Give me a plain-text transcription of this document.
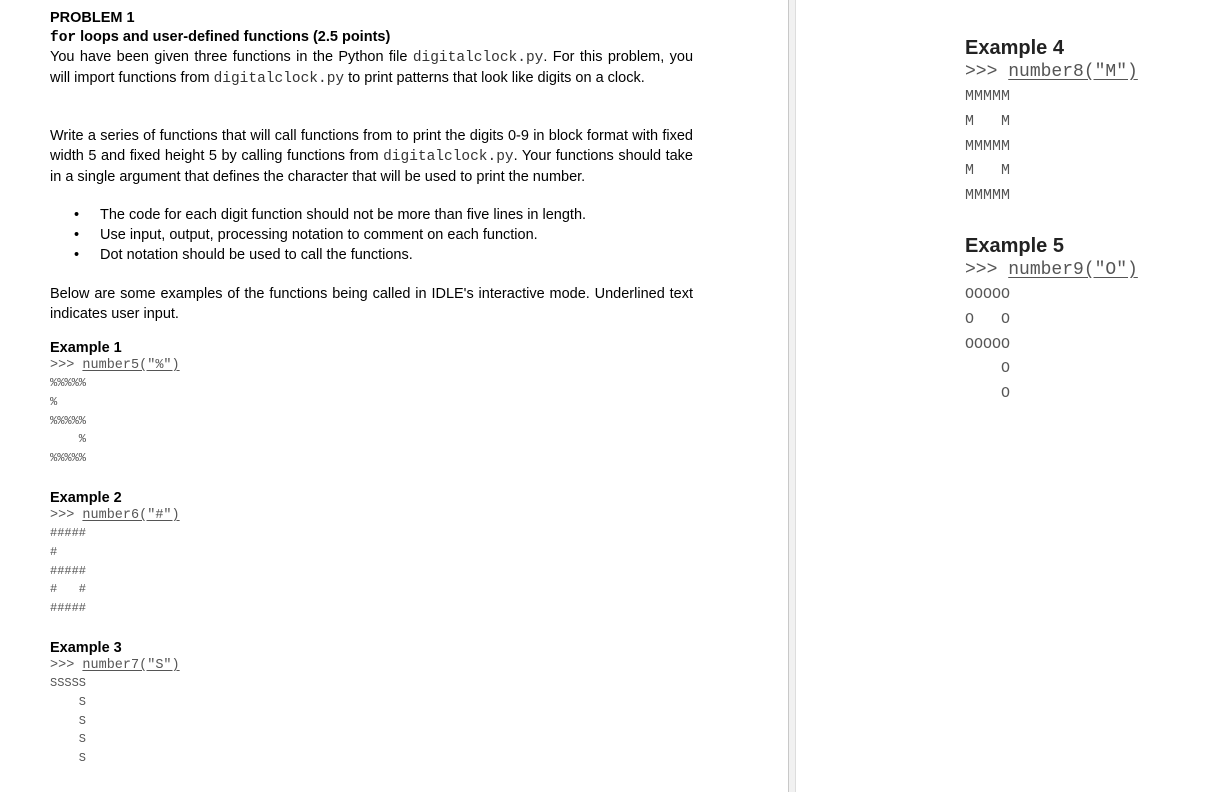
PROBLEM 1
for loops and user-defined functions (2.5 points)
You have been given three functions in the Python file digitalclock.py. For this problem, you will import functions from digitalclock.py to print patterns that look like digits on a clock.
Write a series of functions that will call functions from to print the digits 0-9 in block format with fixed width 5 and fixed height 5 by calling functions from digitalclock.py. Your functions should take in a single argument that defines the character that will be used to print the number.
• The code for each digit function should not be more than five lines in length.
• Use input, output, processing notation to comment on each function.
• Dot notation should be used to call the functions.
Below are some examples of the functions being called in IDLE's interactive mode. Underlined text indicates user input.
Example 1
>>> number5("%")
%%%%%
%
%%%%%
%
%%%%%
Example 2
>>> number6("#")
#####
#
#####
#   #
#####
Example 3
>>> number7("S")
SSSSS
S
S
S
S
Example 4
>>> number8("M")
MMMMM
M   M
MMMMM
M   M
MMMMM
Example 5
>>> number9("O")
OOOOO
O   O
OOOOO
O
O
